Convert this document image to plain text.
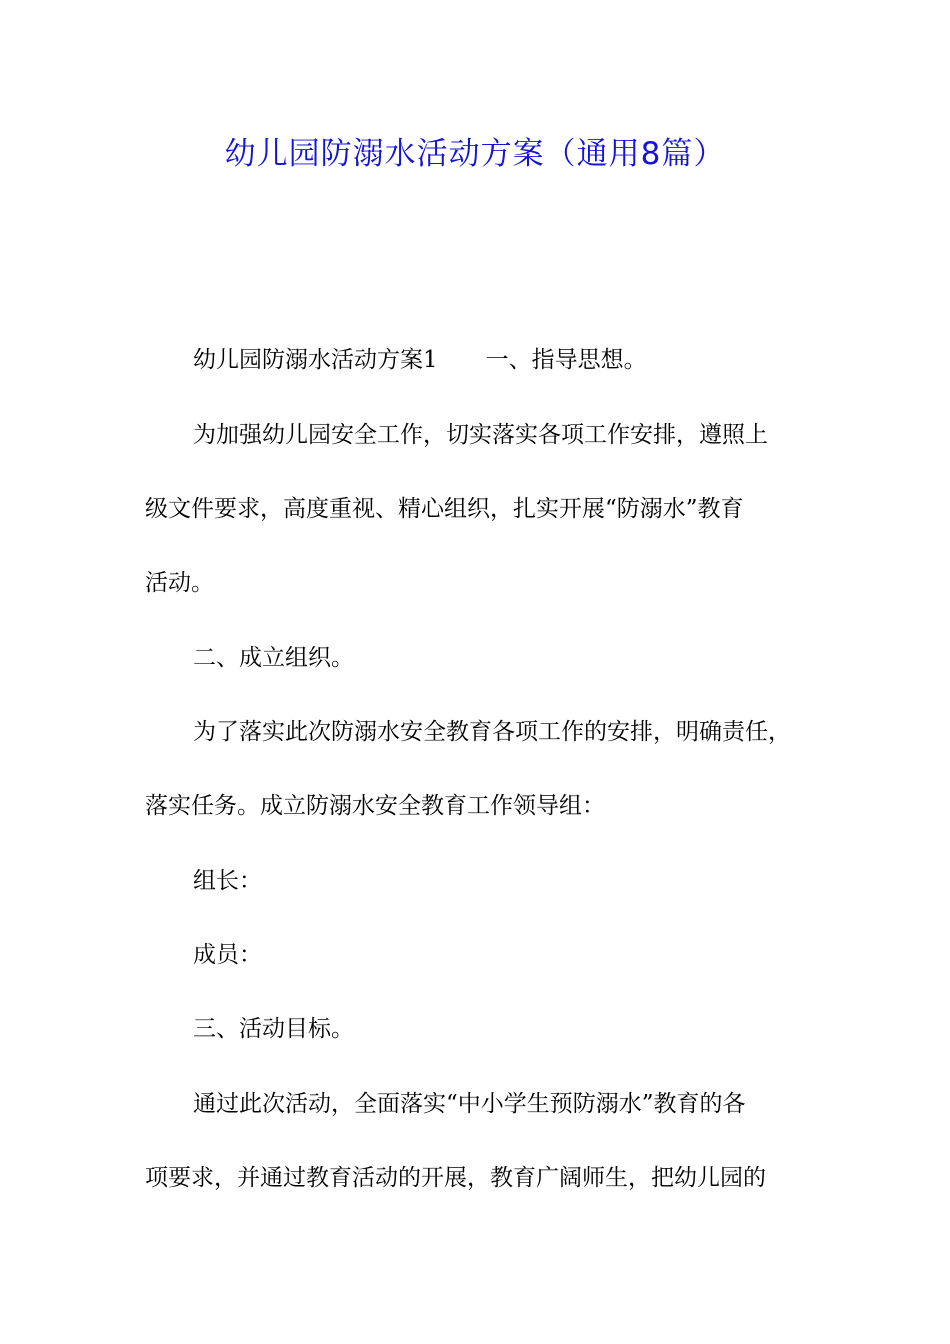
幼儿园防溺水活动方案（通用8篇）

幼儿园防溺水活动方案1 一、指导思想。

为加强幼儿园安全工作，切实落实各项工作安排，遵照上

级文件要求，高度重视、精心组织，扎实开展“防溺水”教育

活动。

二、成立组织。

为了落实此次防溺水安全教育各项工作的安排，明确责任，

落实任务。成立防溺水安全教育工作领导组：

组长：

成员：

三、活动目标。

通过此次活动，全面落实“中小学生预防溺水”教育的各

项要求，并通过教育活动的开展，教育广阔师生，把幼儿园的
